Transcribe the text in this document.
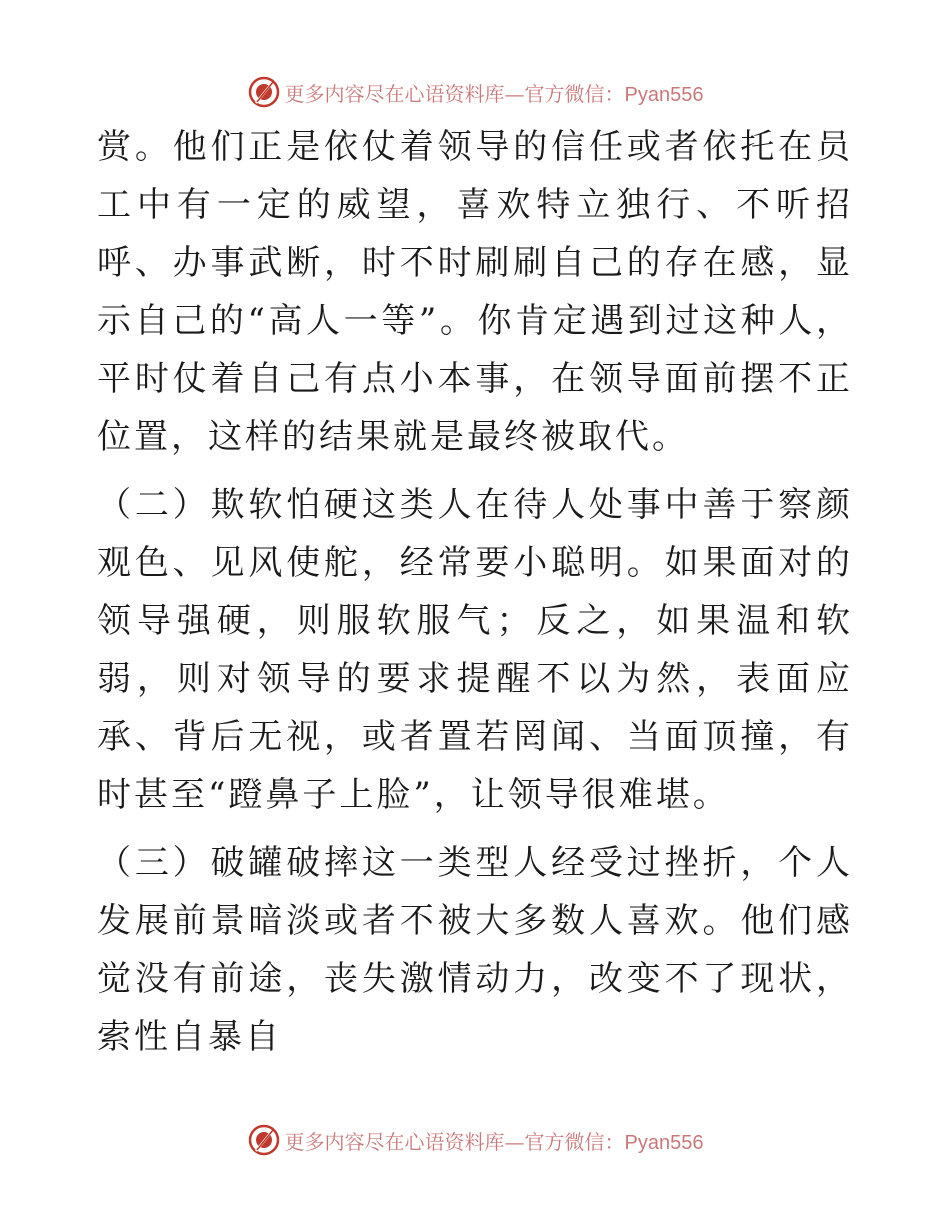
更多内容尽在心语资料库—官方微信：Pyan556

赏。他们正是依仗着领导的信任或者依托在员工中有一定的威望，喜欢特立独行、不听招呼、办事武断，时不时刷刷自己的存在感，显示自己的“高人一等”。你肯定遇到过这种人，平时仗着自己有点小本事，在领导面前摆不正位置，这样的结果就是最终被取代。

（二）欺软怕硬这类人在待人处事中善于察颜观色、见风使舵，经常要小聪明。如果面对的领导强硬，则服软服气；反之，如果温和软弱，则对领导的要求提醒不以为然，表面应承、背后无视，或者置若罔闻、当面顶撞，有时甚至“蹬鼻子上脸”，让领导很难堪。

（三）破罐破摔这一类型人经受过挫折，个人发展前景暗淡或者不被大多数人喜欢。他们感觉没有前途，丧失激情动力，改变不了现状，索性自暴自

更多内容尽在心语资料库—官方微信：Pyan556
